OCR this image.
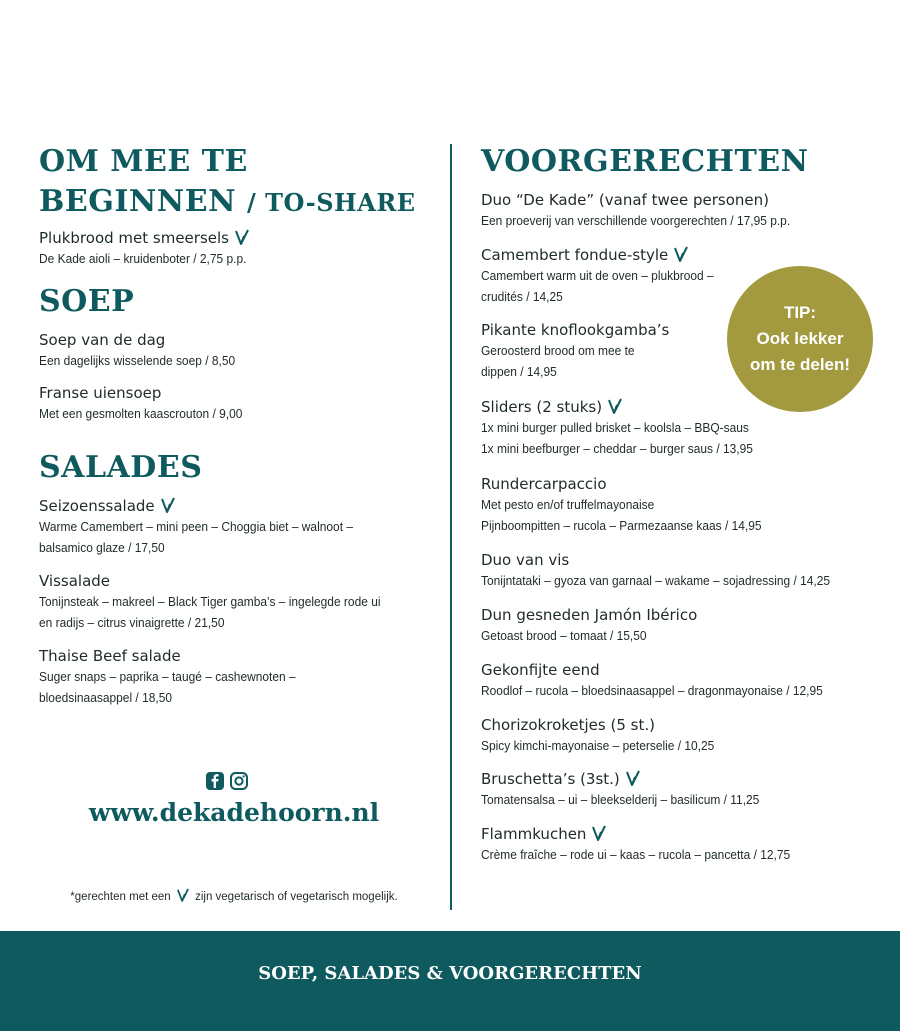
OM MEE TE
BEGINNEN / TO-SHARE
Plukbrood met smeersels
De Kade aioli – kruidenboter / 2,75 p.p.
SOEP
Soep van de dag
Een dagelijks wisselende soep / 8,50
Franse uiensoep
Met een gesmolten kaascrouton / 9,00
SALADES
Seizoenssalade
Warme Camembert – mini peen – Choggia biet – walnoot –
balsamico glaze / 17,50
Vissalade
Tonijnsteak – makreel – Black Tiger gamba’s – ingelegde rode ui
en radijs – citrus vinaigrette / 21,50
Thaise Beef salade
Suger snaps – paprika – taugé – cashewnoten –
bloedsinaasappel / 18,50
www.dekadehoorn.nl
*gerechten met een zijn vegetarisch of vegetarisch mogelijk.
VOORGERECHTEN
Duo “De Kade” (vanaf twee personen)
Een proeverij van verschillende voorgerechten / 17,95 p.p.
Camembert fondue-style
Camembert warm uit de oven – plukbrood –
crudités / 14,25
Pikante knoflookgamba’s
Geroosterd brood om mee te
dippen / 14,95
Sliders (2 stuks)
1x mini burger pulled brisket – koolsla – BBQ-saus
1x mini beefburger – cheddar – burger saus / 13,95
Rundercarpaccio
Met pesto en/of truffelmayonaise
Pijnboompitten – rucola – Parmezaanse kaas / 14,95
Duo van vis
Tonijntataki – gyoza van garnaal – wakame – sojadressing / 14,25
Dun gesneden Jamón Ibérico
Getoast brood – tomaat / 15,50
Gekonfijte eend
Roodlof – rucola – bloedsinaasappel – dragonmayonaise / 12,95
Chorizokroketjes (5 st.)
Spicy kimchi-mayonaise – peterselie / 10,25
Bruschetta’s (3st.)
Tomatensalsa – ui – bleekselderij – basilicum / 11,25
Flammkuchen
Crème fraîche – rode ui – kaas – rucola – pancetta / 12,75
TIP:
Ook lekker
om te delen!
SOEP, SALADES & VOORGERECHTEN
